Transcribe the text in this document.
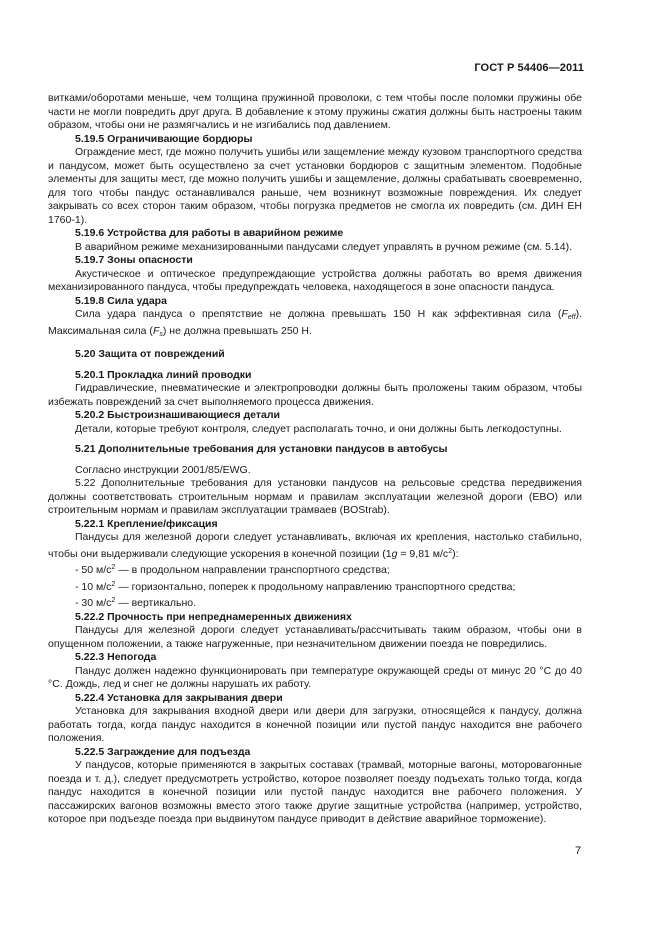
ГОСТ Р 54406—2011

витками/оборотами меньше, чем толщина пружинной проволоки, с тем чтобы после поломки пружины обе части не могли повредить друг друга. В добавление к этому пружины сжатия должны быть настроены таким образом, чтобы они не размягчались и не изгибались под давлением.

5.19.5 Ограничивающие бордюры

Ограждение мест, где можно получить ушибы или защемление между кузовом транспортного средства и пандусом, может быть осуществлено за счет установки бордюров с защитным элементом. Подобные элементы для защиты мест, где можно получить ушибы и защемление, должны срабатывать своевременно, для того чтобы пандус останавливался раньше, чем возникнут возможные повреждения. Их следует закрывать со всех сторон таким образом, чтобы погрузка предметов не смогла их повредить (см. ДИН ЕН 1760-1).

5.19.6 Устройства для работы в аварийном режиме

В аварийном режиме механизированными пандусами следует управлять в ручном режиме (см. 5.14).

5.19.7 Зоны опасности

Акустическое и оптическое предупреждающие устройства должны работать во время движения механизированного пандуса, чтобы предупреждать человека, находящегося в зоне опасности пандуса.

5.19.8 Сила удара

Сила удара пандуса о препятствие не должна превышать 150 Н как эффективная сила $(F_{eff})$. Максимальная сила $(F_s)$ не должна превышать 250 Н.

5.20 Защита от повреждений

5.20.1 Прокладка линий проводки

Гидравлические, пневматические и электропроводки должны быть проложены таким образом, чтобы избежать повреждений за счет выполняемого процесса движения.

5.20.2 Быстроизнашивающиеся детали

Детали, которые требуют контроля, следует располагать точно, и они должны быть легкодоступны.

5.21 Дополнительные требования для установки пандусов в автобусы

Согласно инструкции 2001/85/EWG.

5.22 Дополнительные требования для установки пандусов на рельсовые средства передвижения должны соответствовать строительным нормам и правилам эксплуатации железной дороги (EBO) или строительным нормам и правилам эксплуатации трамваев (BOStrab).

5.22.1 Крепление/фиксация

Пандусы для железной дороги следует устанавливать, включая их крепления, настолько стабильно, чтобы они выдерживали следующие ускорения в конечной позиции (1g = 9,81 $м/с^2$):

- 50 $м/с^2$ — в продольном направлении транспортного средства;

- 10 $м/с^2$ — горизонтально, поперек к продольному направлению транспортного средства;

- 30 $м/с^2$ — вертикально.

5.22.2 Прочность при непреднамеренных движениях

Пандусы для железной дороги следует устанавливать/рассчитывать таким образом, чтобы они в опущенном положении, а также нагруженные, при незначительном движении поезда не повредились.

5.22.3 Непогода

Пандус должен надежно функционировать при температуре окружающей среды от минус 20 °С до 40 °С. Дождь, лед и снег не должны нарушать их работу.

5.22.4 Установка для закрывания двери

Установка для закрывания входной двери или двери для загрузки, относящейся к пандусу, должна работать тогда, когда пандус находится в конечной позиции или пустой пандус находится вне рабочего положения.

5.22.5 Заграждение для подъезда

У пандусов, которые применяются в закрытых составах (трамвай, моторные вагоны, моторовагонные поезда и т. д.), следует предусмотреть устройство, которое позволяет поезду подъехать только тогда, когда пандус находится в конечной позиции или пустой пандус находится вне рабочего положения. У пассажирских вагонов возможны вместо этого также другие защитные устройства (например, устройство, которое при подъезде поезда при выдвинутом пандусе приводит в действие аварийное торможение).

7
